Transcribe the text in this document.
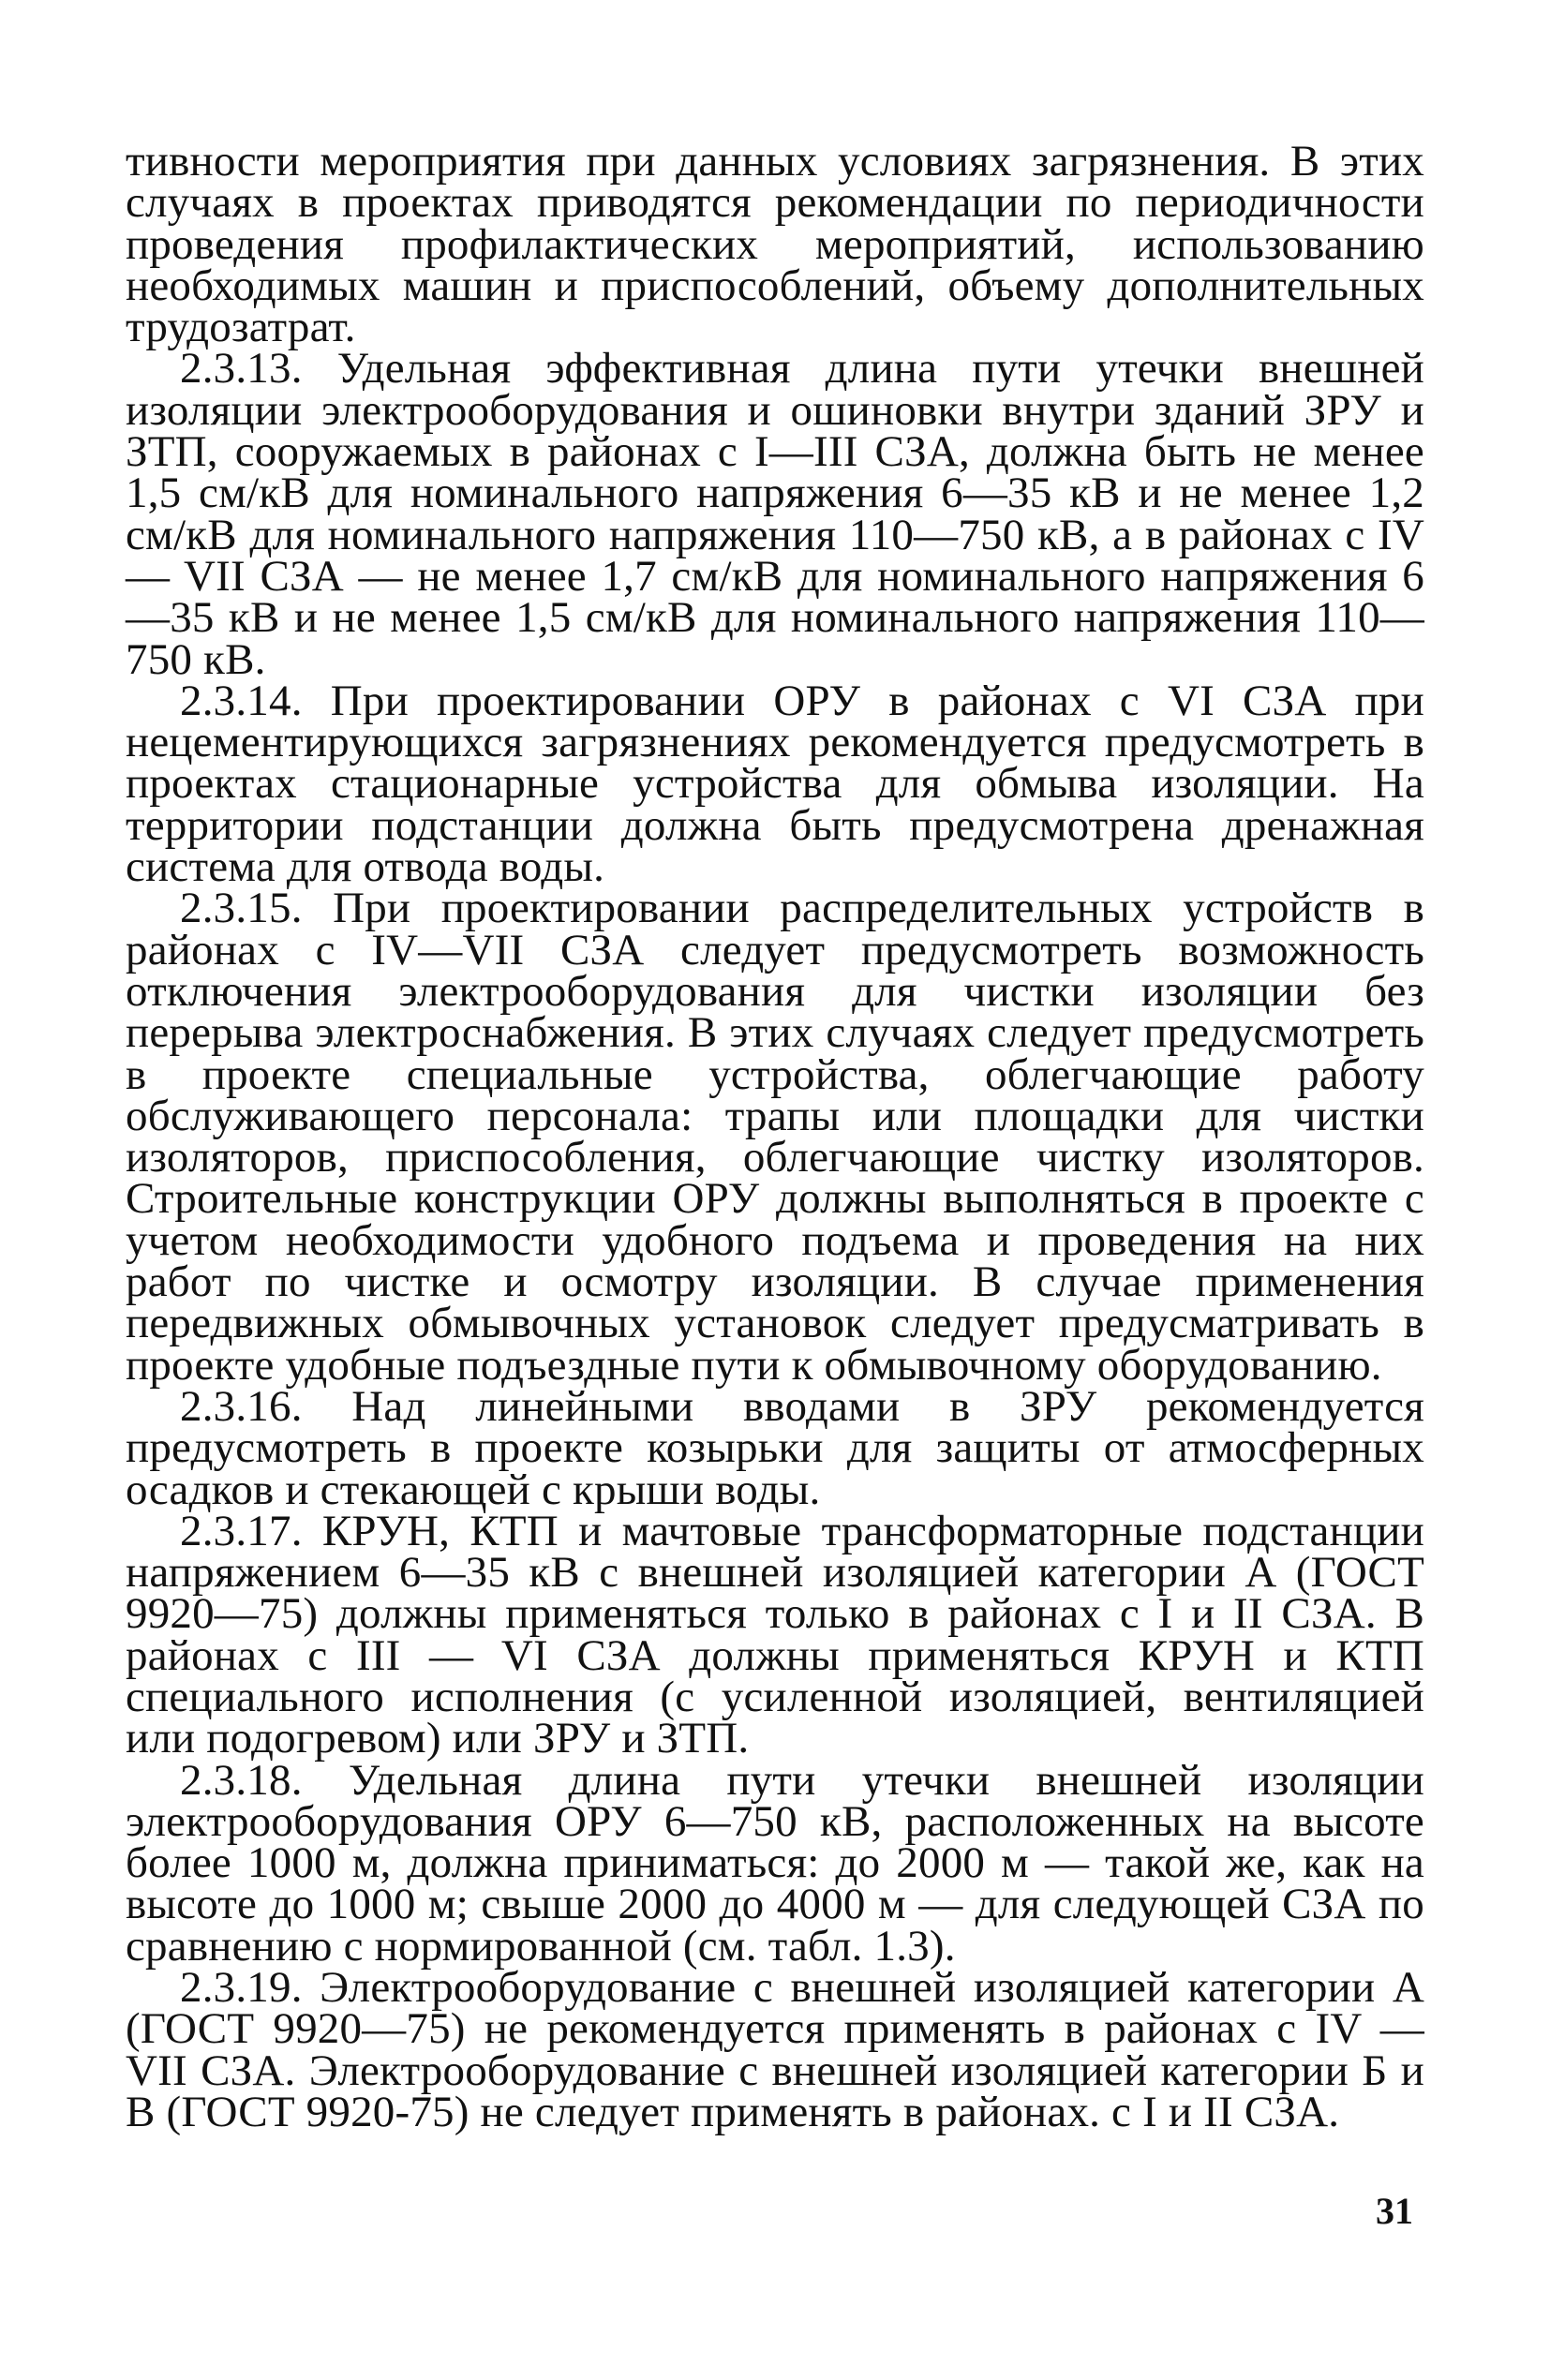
тивности мероприятия при данных условиях загрязнения. В этих случаях в проектах приводятся рекомендации по периодичности проведения профилактических мероприятий, использованию необходимых машин и приспособлений, объему дополнительных трудозатрат.

2.3.13. Удельная эффективная длина пути утечки внешней изоляции электрооборудования и ошиновки внутри зданий ЗРУ и ЗТП, сооружаемых в районах с I—III СЗА, должна быть не менее 1,5 см/кВ для номинального напряжения 6—35 кВ и не менее 1,2 см/кВ для номинального напряжения 110—750 кВ, а в районах с IV — VII СЗА — не менее 1,7 см/кВ для номинального напряжения 6—35 кВ и не менее 1,5 см/кВ для номинального напряжения 110—750 кВ.

2.3.14. При проектировании ОРУ в районах с VI СЗА при нецементирующихся загрязнениях рекомендуется предусмотреть в проектах стационарные устройства для обмыва изоляции. На территории подстанции должна быть предусмотрена дренажная система для отвода воды.

2.3.15. При проектировании распределительных устройств в районах с IV—VII СЗА следует предусмотреть возможность отключения электрооборудования для чистки изоляции без перерыва электроснабжения. В этих случаях следует предусмотреть в проекте специальные устройства, облегчающие работу обслуживающего персонала: трапы или площадки для чистки изоляторов, приспособления, облегчающие чистку изоляторов. Строительные конструкции ОРУ должны выполняться в проекте с учетом необходимости удобного подъема и проведения на них работ по чистке и осмотру изоляции. В случае применения передвижных обмывочных установок следует предусматривать в проекте удобные подъездные пути к обмывочному оборудованию.

2.3.16. Над линейными вводами в ЗРУ рекомендуется предусмотреть в проекте козырьки для защиты от атмосферных осадков и стекающей с крыши воды.

2.3.17. КРУН, КТП и мачтовые трансформаторные подстанции напряжением 6—35 кВ с внешней изоляцией категории А (ГОСТ 9920—75) должны применяться только в районах с I и II СЗА. В районах с III — VI СЗА должны применяться КРУН и КТП специального исполнения (с усиленной изоляцией, вентиляцией или подогревом) или ЗРУ и ЗТП.

2.3.18. Удельная длина пути утечки внешней изоляции электрооборудования ОРУ 6—750 кВ, расположенных на высоте более 1000 м, должна приниматься: до 2000 м — такой же, как на высоте до 1000 м; свыше 2000 до 4000 м — для следующей СЗА по сравнению с нормированной (см. табл. 1.3).

2.3.19. Электрооборудование с внешней изоляцией категории А (ГОСТ 9920—75) не рекомендуется применять в районах с IV — VII СЗА. Электрооборудование с внешней изоляцией категории Б и В (ГОСТ 9920-75) не следует применять в районах. с I и II СЗА.

31
